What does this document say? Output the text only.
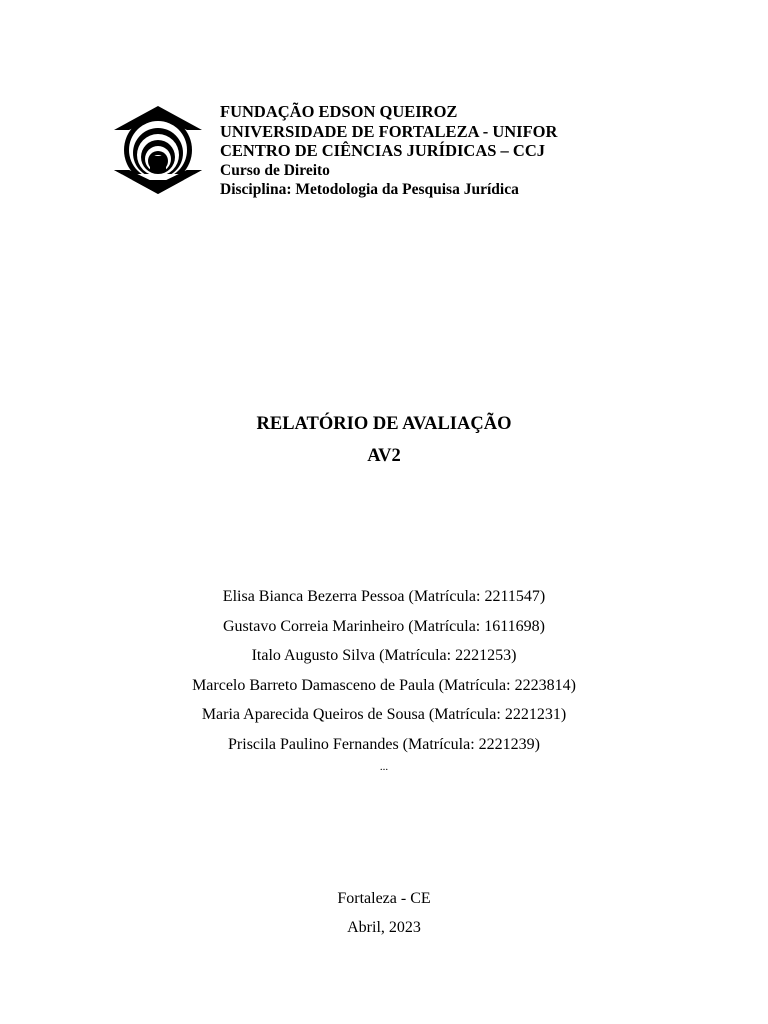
FUNDAÇÃO EDSON QUEIROZ
UNIVERSIDADE DE FORTALEZA - UNIFOR
CENTRO DE CIÊNCIAS JURÍDICAS – CCJ
Curso de Direito
Disciplina: Metodologia da Pesquisa Jurídica
RELATÓRIO DE AVALIAÇÃO
AV2
Elisa Bianca Bezerra Pessoa (Matrícula: 2211547)
Gustavo Correia Marinheiro (Matrícula: 1611698)
Italo Augusto Silva (Matrícula: 2221253)
Marcelo Barreto Damasceno de Paula (Matrícula: 2223814)
Maria Aparecida Queiros de Sousa (Matrícula: 2221231)
Priscila Paulino Fernandes (Matrícula: 2221239)
...
Fortaleza - CE
Abril, 2023
